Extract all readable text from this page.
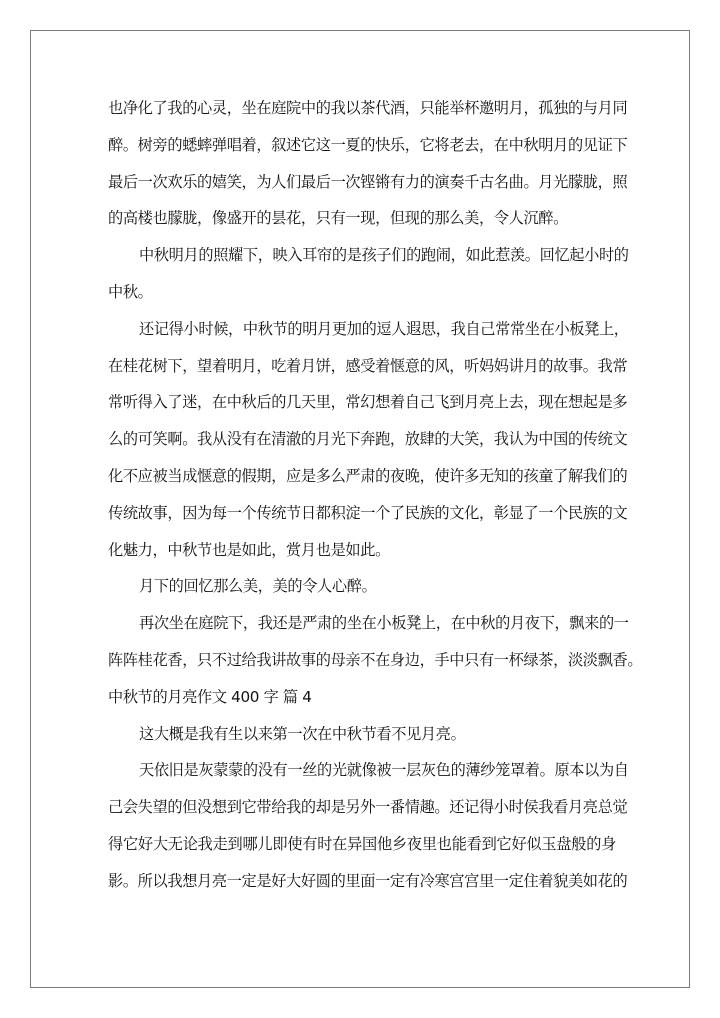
也净化了我的心灵，坐在庭院中的我以茶代酒，只能举杯邀明月，孤独的与月同
醉。树旁的蟋蟀弹唱着，叙述它这一夏的快乐，它将老去，在中秋明月的见证下
最后一次欢乐的嬉笑，为人们最后一次铿锵有力的演奏千古名曲。月光朦胧，照
的高楼也朦胧，像盛开的昙花，只有一现，但现的那么美，令人沉醉。
中秋明月的照耀下，映入耳帘的是孩子们的跑闹，如此惹羡。回忆起小时的
中秋。
还记得小时候，中秋节的明月更加的逗人遐思，我自己常常坐在小板凳上，
在桂花树下，望着明月，吃着月饼，感受着惬意的风，听妈妈讲月的故事。我常
常听得入了迷，在中秋后的几天里，常幻想着自己飞到月亮上去，现在想起是多
么的可笑啊。我从没有在清澈的月光下奔跑，放肆的大笑，我认为中国的传统文
化不应被当成惬意的假期，应是多么严肃的夜晚，使许多无知的孩童了解我们的
传统故事，因为每一个传统节日都积淀一个了民族的文化，彰显了一个民族的文
化魅力，中秋节也是如此，赏月也是如此。
月下的回忆那么美，美的令人心醉。
再次坐在庭院下，我还是严肃的坐在小板凳上，在中秋的月夜下，飘来的一
阵阵桂花香，只不过给我讲故事的母亲不在身边，手中只有一杯绿茶，淡淡飘香。
中秋节的月亮作文 400 字 篇 4
这大概是我有生以来第一次在中秋节看不见月亮。
天依旧是灰蒙蒙的没有一丝的光就像被一层灰色的薄纱笼罩着。原本以为自
己会失望的但没想到它带给我的却是另外一番情趣。还记得小时侯我看月亮总觉
得它好大无论我走到哪儿即使有时在异国他乡夜里也能看到它好似玉盘般的身
影。所以我想月亮一定是好大好圆的里面一定有冷寒宫宫里一定住着貌美如花的
